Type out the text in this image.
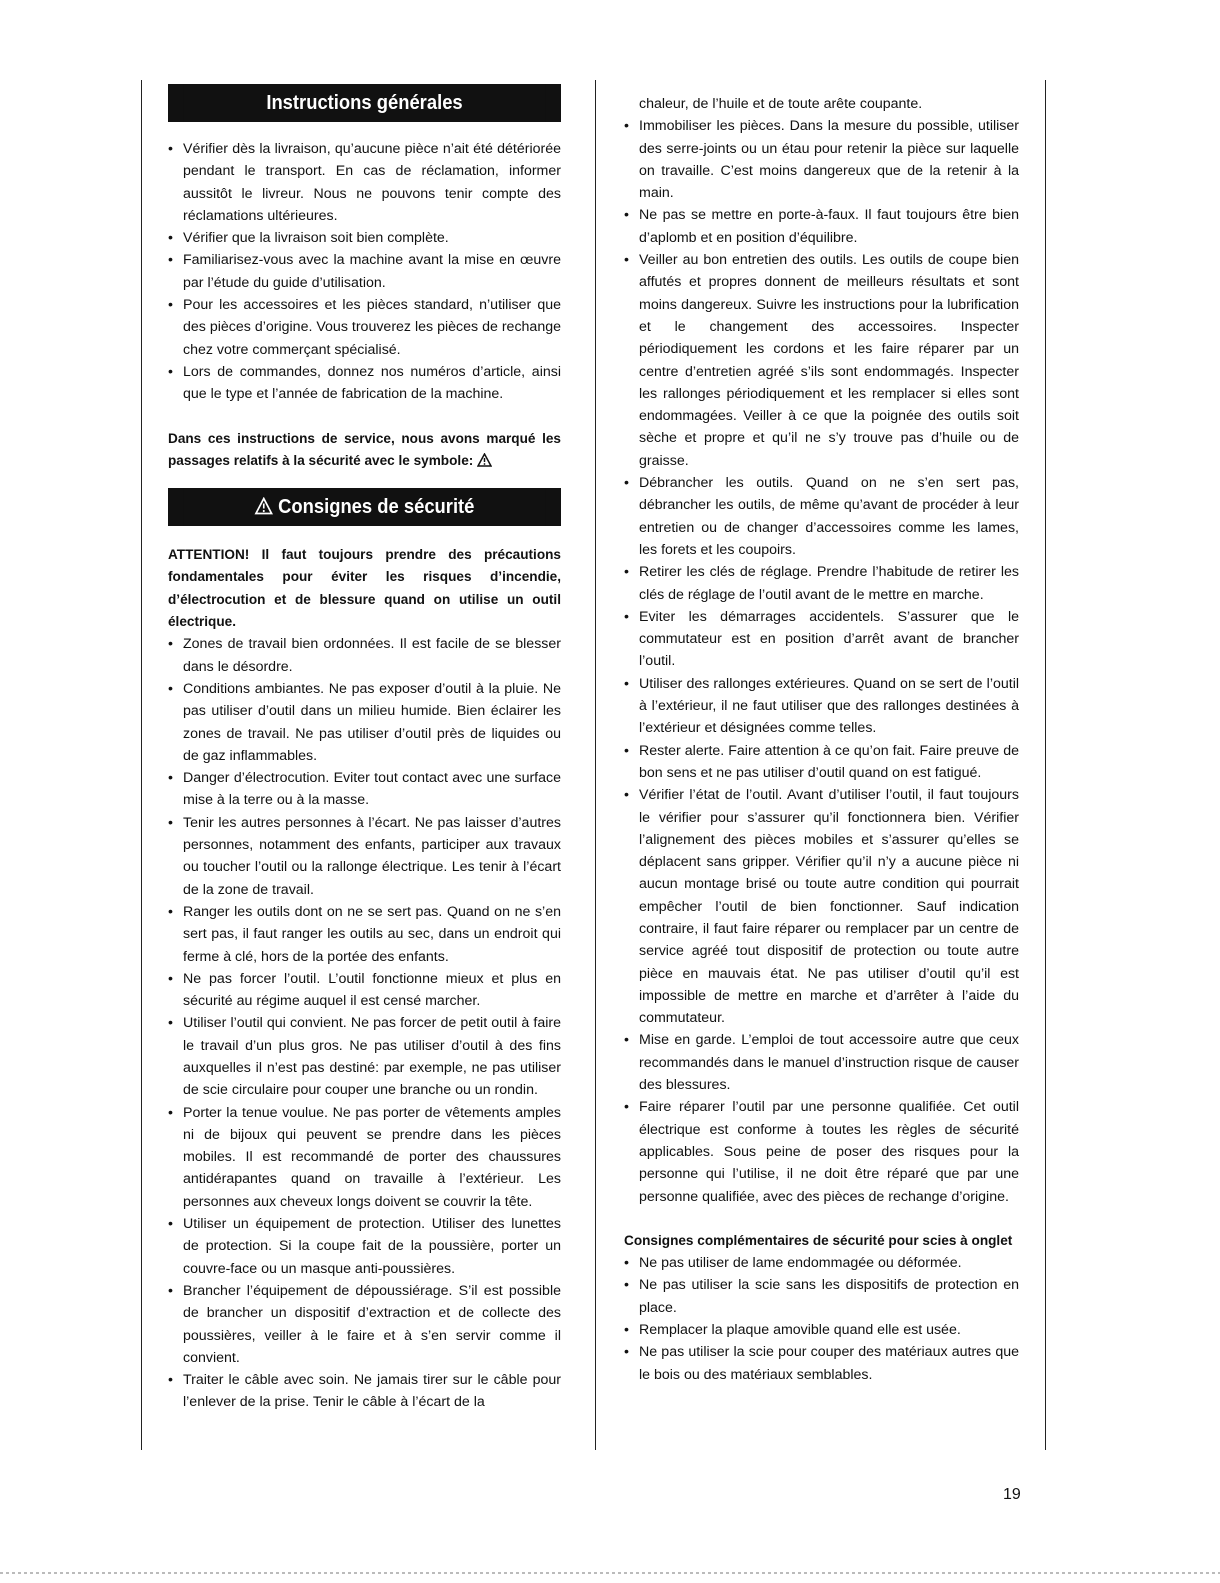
Instructions générales
• Vérifier dès la livraison, qu’aucune pièce n’ait été détériorée pendant le transport. En cas de réclamation, informer aussitôt le livreur. Nous ne pouvons tenir compte des réclamations ultérieures.
• Vérifier que la livraison soit bien complète.
• Familiarisez-vous avec la machine avant la mise en œuvre par l’étude du guide d’utilisation.
• Pour les accessoires et les pièces standard, n’utiliser que des pièces d’origine. Vous trouverez les pièces de rechange chez votre commerçant spécialisé.
• Lors de commandes, donnez nos numéros d’article, ainsi que le type et l’année de fabrication de la machine.
Dans ces instructions de service, nous avons marqué les passages relatifs à la sécurité avec le symbole:
Consignes de sécurité
ATTENTION! Il faut toujours prendre des précautions fondamentales pour éviter les risques d’incendie, d’électrocution et de blessure quand on utilise un outil électrique.
• Zones de travail bien ordonnées. Il est facile de se blesser dans le désordre.
• Conditions ambiantes. Ne pas exposer d’outil à la pluie. Ne pas utiliser d’outil dans un milieu humide. Bien éclairer les zones de travail. Ne pas utiliser d’outil près de liquides ou de gaz inflammables.
• Danger d’électrocution. Eviter tout contact avec une surface mise à la terre ou à la masse.
• Tenir les autres personnes à l’écart. Ne pas laisser d’autres personnes, notamment des enfants, participer aux travaux ou toucher l’outil ou la rallonge électrique. Les tenir à l’écart de la zone de travail.
• Ranger les outils dont on ne se sert pas. Quand on ne s’en sert pas, il faut ranger les outils au sec, dans un endroit qui ferme à clé, hors de la portée des enfants.
• Ne pas forcer l’outil. L’outil fonctionne mieux et plus en sécurité au régime auquel il est censé marcher.
• Utiliser l’outil qui convient. Ne pas forcer de petit outil à faire le travail d’un plus gros. Ne pas utiliser d’outil à des fins auxquelles il n’est pas destiné: par exemple, ne pas utiliser de scie circulaire pour couper une branche ou un rondin.
• Porter la tenue voulue. Ne pas porter de vêtements amples ni de bijoux qui peuvent se prendre dans les pièces mobiles. Il est recommandé de porter des chaussures antidérapantes quand on travaille à l’extérieur. Les personnes aux cheveux longs doivent se couvrir la tête.
• Utiliser un équipement de protection. Utiliser des lunettes de protection. Si la coupe fait de la poussière, porter un couvre-face ou un masque anti-poussières.
• Brancher l’équipement de dépoussiérage. S’il est possible de brancher un dispositif d’extraction et de collecte des poussières, veiller à le faire et à s’en servir comme il convient.
• Traiter le câble avec soin. Ne jamais tirer sur le câble pour l’enlever de la prise. Tenir le câble à l’écart de la
chaleur, de l’huile et de toute arête coupante.
• Immobiliser les pièces. Dans la mesure du possible, utiliser des serre-joints ou un étau pour retenir la pièce sur laquelle on travaille. C’est moins dangereux que de la retenir à la main.
• Ne pas se mettre en porte-à-faux. Il faut toujours être bien d’aplomb et en position d’équilibre.
• Veiller au bon entretien des outils. Les outils de coupe bien affutés et propres donnent de meilleurs résultats et sont moins dangereux. Suivre les instructions pour la lubrification et le changement des accessoires. Inspecter périodiquement les cordons et les faire réparer par un centre d’entretien agréé s’ils sont endommagés. Inspecter les rallonges périodiquement et les remplacer si elles sont endommagées. Veiller à ce que la poignée des outils soit sèche et propre et qu’il ne s’y trouve pas d’huile ou de graisse.
• Débrancher les outils. Quand on ne s’en sert pas, débrancher les outils, de même qu’avant de procéder à leur entretien ou de changer d’accessoires comme les lames, les forets et les coupoirs.
• Retirer les clés de réglage. Prendre l’habitude de retirer les clés de réglage de l’outil avant de le mettre en marche.
• Eviter les démarrages accidentels. S’assurer que le commutateur est en position d’arrêt avant de brancher l’outil.
• Utiliser des rallonges extérieures. Quand on se sert de l’outil à l’extérieur, il ne faut utiliser que des rallonges destinées à l’extérieur et désignées comme telles.
• Rester alerte. Faire attention à ce qu’on fait. Faire preuve de bon sens et ne pas utiliser d’outil quand on est fatigué.
• Vérifier l’état de l’outil. Avant d’utiliser l’outil, il faut toujours le vérifier pour s’assurer qu’il fonctionnera bien. Vérifier l’alignement des pièces mobiles et s’assurer qu’elles se déplacent sans gripper. Vérifier qu’il n’y a aucune pièce ni aucun montage brisé ou toute autre condition qui pourrait empêcher l’outil de bien fonctionner. Sauf indication contraire, il faut faire réparer ou remplacer par un centre de service agréé tout dispositif de protection ou toute autre pièce en mauvais état. Ne pas utiliser d’outil qu’il est impossible de mettre en marche et d’arrêter à l’aide du commutateur.
• Mise en garde. L’emploi de tout accessoire autre que ceux recommandés dans le manuel d’instruction risque de causer des blessures.
• Faire réparer l’outil par une personne qualifiée. Cet outil électrique est conforme à toutes les règles de sécurité applicables. Sous peine de poser des risques pour la personne qui l’utilise, il ne doit être réparé que par une personne qualifiée, avec des pièces de rechange d’origine.
Consignes complémentaires de sécurité pour scies à onglet
• Ne pas utiliser de lame endommagée ou déformée.
• Ne pas utiliser la scie sans les dispositifs de protection en place.
• Remplacer la plaque amovible quand elle est usée.
• Ne pas utiliser la scie pour couper des matériaux autres que le bois ou des matériaux semblables.
19
